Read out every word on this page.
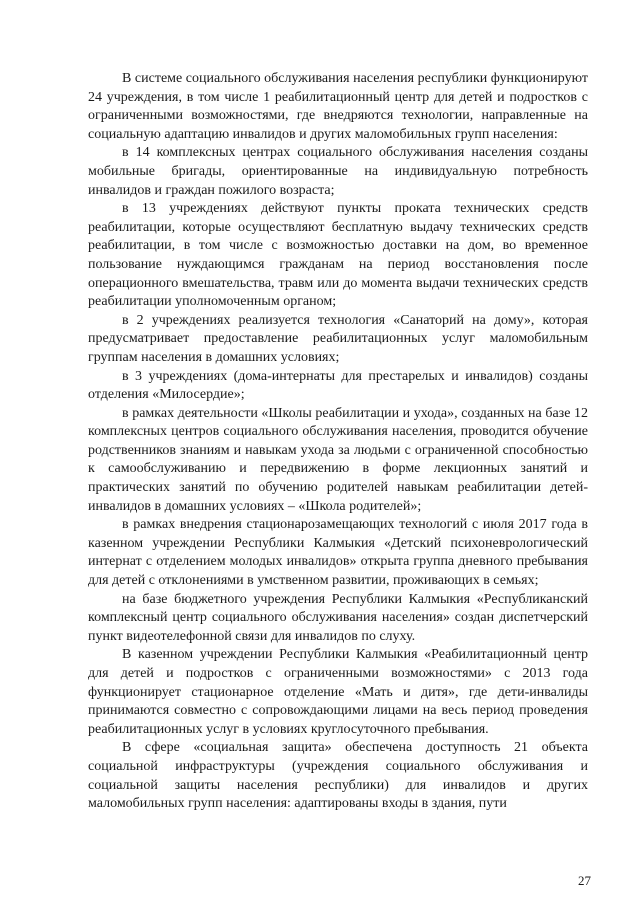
В системе социального обслуживания населения республики функционируют 24 учреждения, в том числе 1 реабилитационный центр для детей и подростков с ограниченными возможностями, где внедряются технологии, направленные на социальную адаптацию инвалидов и других маломобильных групп населения:

в 14 комплексных центрах социального обслуживания населения созданы мобильные бригады, ориентированные на индивидуальную потребность инвалидов и граждан пожилого возраста;

в 13 учреждениях действуют пункты проката технических средств реабилитации, которые осуществляют бесплатную выдачу технических средств реабилитации, в том числе с возможностью доставки на дом, во временное пользование нуждающимся гражданам на период восстановления после операционного вмешательства, травм или до момента выдачи технических средств реабилитации уполномоченным органом;

в 2 учреждениях реализуется технология «Санаторий на дому», которая предусматривает предоставление реабилитационных услуг маломобильным группам населения в домашних условиях;

в 3 учреждениях (дома-интернаты для престарелых и инвалидов) созданы отделения «Милосердие»;

в рамках деятельности «Школы реабилитации и ухода», созданных на базе 12 комплексных центров социального обслуживания населения, проводится обучение родственников знаниям и навыкам ухода за людьми с ограниченной способностью к самообслуживанию и передвижению в форме лекционных занятий и практических занятий по обучению родителей навыкам реабилитации детей-инвалидов в домашних условиях – «Школа родителей»;

в рамках внедрения стационарозамещающих технологий с июля 2017 года в казенном учреждении Республики Калмыкия «Детский психоневрологический интернат с отделением молодых инвалидов» открыта группа дневного пребывания для детей с отклонениями в умственном развитии, проживающих в семьях;

на базе бюджетного учреждения Республики Калмыкия «Республиканский комплексный центр социального обслуживания населения» создан диспетчерский пункт видеотелефонной связи для инвалидов по слуху.

В казенном учреждении Республики Калмыкия «Реабилитационный центр для детей и подростков с ограниченными возможностями» с 2013 года функционирует стационарное отделение «Мать и дитя», где дети-инвалиды принимаются совместно с сопровождающими лицами на весь период проведения реабилитационных услуг в условиях круглосуточного пребывания.

В сфере «социальная защита» обеспечена доступность 21 объекта социальной инфраструктуры (учреждения социального обслуживания и социальной защиты населения республики) для инвалидов и других маломобильных групп населения: адаптированы входы в здания, пути

27
